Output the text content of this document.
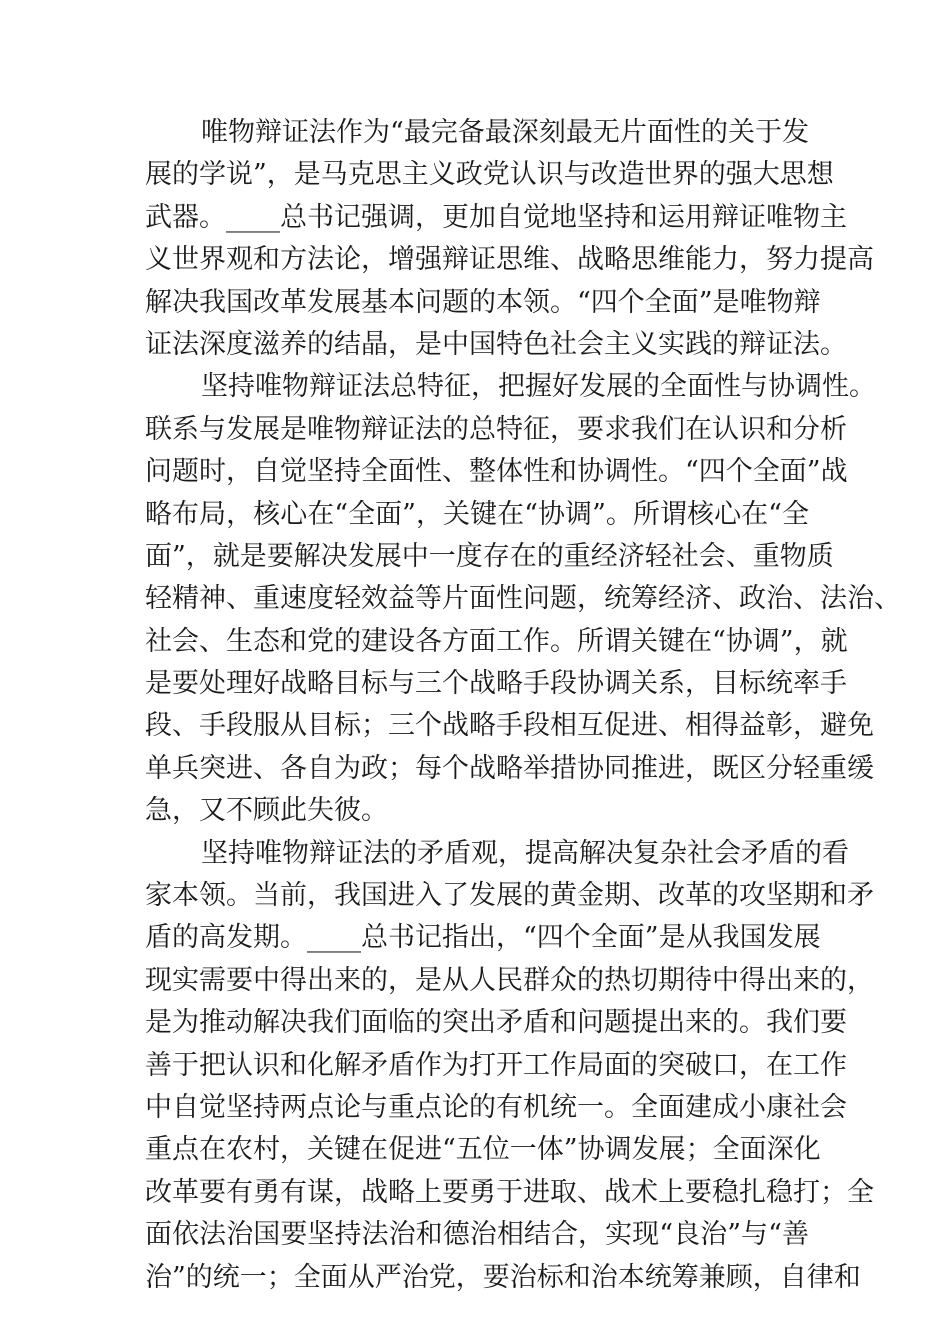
唯物辩证法作为“最完备最深刻最无片面性的关于发
展的学说”，是马克思主义政党认识与改造世界的强大思想
武器。____总书记强调，更加自觉地坚持和运用辩证唯物主
义世界观和方法论，增强辩证思维、战略思维能力，努力提高
解决我国改革发展基本问题的本领。“四个全面”是唯物辩
证法深度滋养的结晶，是中国特色社会主义实践的辩证法。
坚持唯物辩证法总特征，把握好发展的全面性与协调性。
联系与发展是唯物辩证法的总特征，要求我们在认识和分析
问题时，自觉坚持全面性、整体性和协调性。“四个全面”战
略布局，核心在“全面”，关键在“协调”。所谓核心在“全
面”，就是要解决发展中一度存在的重经济轻社会、重物质
轻精神、重速度轻效益等片面性问题，统筹经济、政治、法治、
社会、生态和党的建设各方面工作。所谓关键在“协调”，就
是要处理好战略目标与三个战略手段协调关系，目标统率手
段、手段服从目标；三个战略手段相互促进、相得益彰，避免
单兵突进、各自为政；每个战略举措协同推进，既区分轻重缓
急，又不顾此失彼。
坚持唯物辩证法的矛盾观，提高解决复杂社会矛盾的看
家本领。当前，我国进入了发展的黄金期、改革的攻坚期和矛
盾的高发期。____总书记指出，“四个全面”是从我国发展
现实需要中得出来的，是从人民群众的热切期待中得出来的，
是为推动解决我们面临的突出矛盾和问题提出来的。我们要
善于把认识和化解矛盾作为打开工作局面的突破口，在工作
中自觉坚持两点论与重点论的有机统一。全面建成小康社会
重点在农村，关键在促进“五位一体”协调发展；全面深化
改革要有勇有谋，战略上要勇于进取、战术上要稳扎稳打；全
面依法治国要坚持法治和德治相结合，实现“良治”与“善
治”的统一；全面从严治党，要治标和治本统筹兼顾，自律和
